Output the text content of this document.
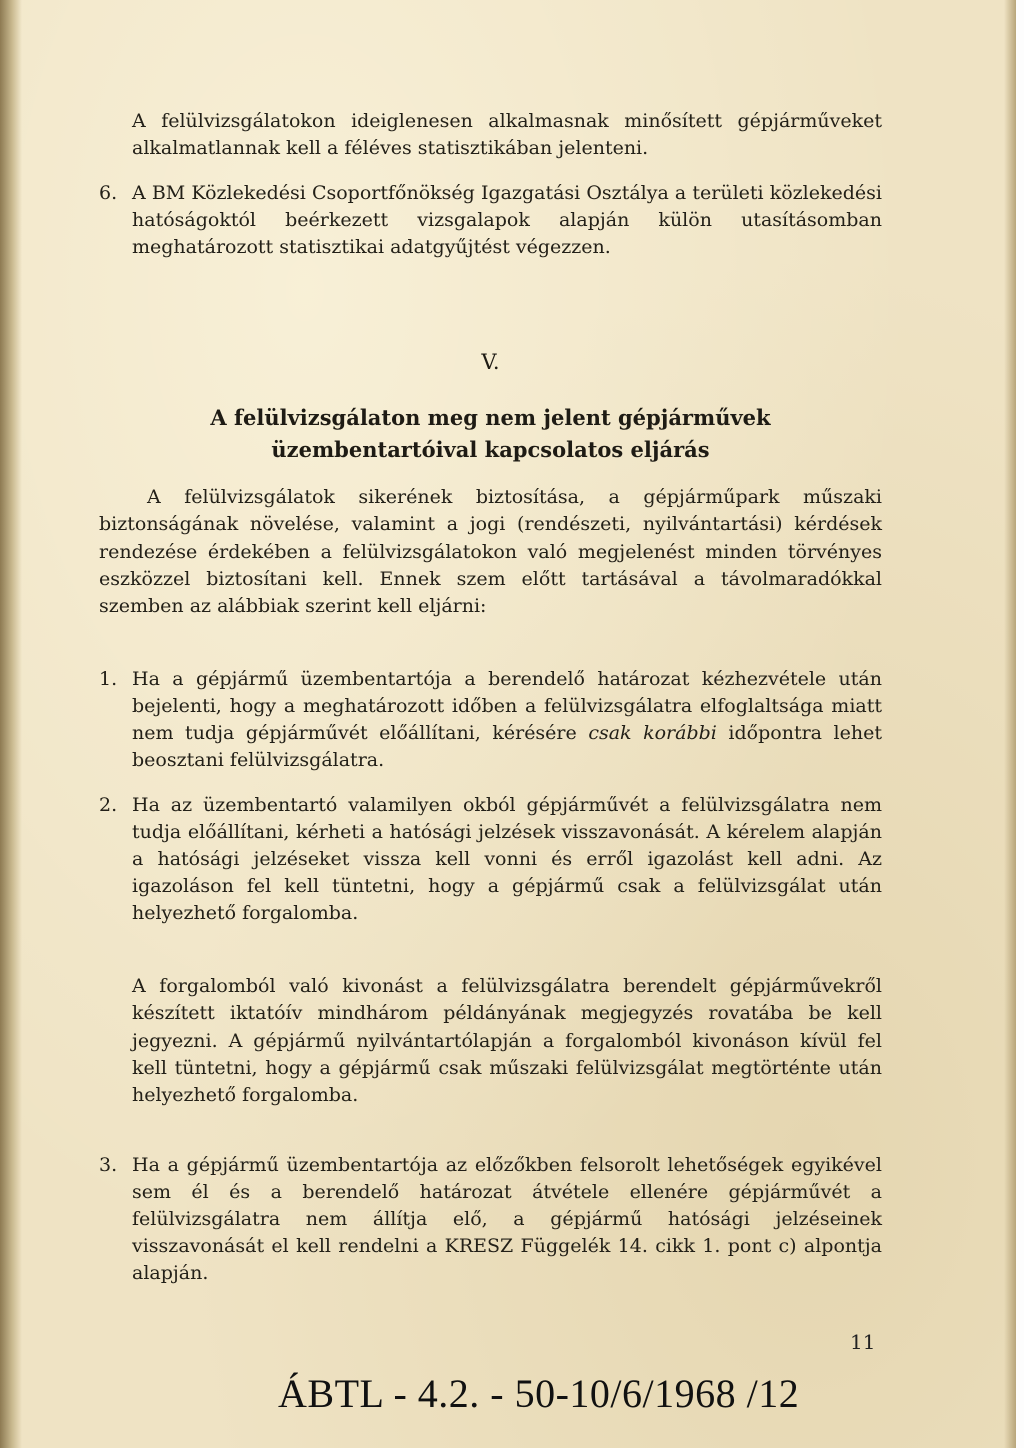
A felülvizsgálatokon ideiglenesen alkalmasnak minősített gépjárműveket alkalmatlannak kell a féléves statisztikában jelenteni.

6. A BM Közlekedési Csoportfőnökség Igazgatási Osztálya a területi közlekedési hatóságoktól beérkezett vizsgalapok alapján külön utasításomban meghatározott statisztikai adatgyűjtést végezzen.

V.

A felülvizsgálaton meg nem jelent gépjárművek
üzembentartóival kapcsolatos eljárás

A felülvizsgálatok sikerének biztosítása, a gépjárműpark műszaki biztonságának növelése, valamint a jogi (rendészeti, nyilvántartási) kérdések rendezése érdekében a felülvizsgálatokon való megjelenést minden törvényes eszközzel biztosítani kell. Ennek szem előtt tartásával a távolmaradókkal szemben az alábbiak szerint kell eljárni:

1. Ha a gépjármű üzembentartója a berendelő határozat kézhezvétele után bejelenti, hogy a meghatározott időben a felülvizsgálatra elfoglaltsága miatt nem tudja gépjárművét előállítani, kérésére csak korábbi időpontra lehet beosztani felülvizsgálatra.
2. Ha az üzembentartó valamilyen okból gépjárművét a felülvizsgálatra nem tudja előállítani, kérheti a hatósági jelzések visszavonását. A kérelem alapján a hatósági jelzéseket vissza kell vonni és erről igazolást kell adni. Az igazoláson fel kell tüntetni, hogy a gépjármű csak a felülvizsgálat után helyezhető forgalomba.

A forgalomból való kivonást a felülvizsgálatra berendelt gépjárművekről készített iktatóív mindhárom példányának megjegyzés rovatába be kell jegyezni. A gépjármű nyilvántartólapján a forgalomból kivonáson kívül fel kell tüntetni, hogy a gépjármű csak műszaki felülvizsgálat megtörténte után helyezhető forgalomba.

3. Ha a gépjármű üzembentartója az előzőkben felsorolt lehetőségek egyikével sem él és a berendelő határozat átvétele ellenére gépjárművét a felülvizsgálatra nem állítja elő, a gépjármű hatósági jelzéseinek visszavonását el kell rendelni a KRESZ Függelék 14. cikk 1. pont c) alpontja alapján.
11
ÁBTL - 4.2. - 50-10/6/1968 /12
